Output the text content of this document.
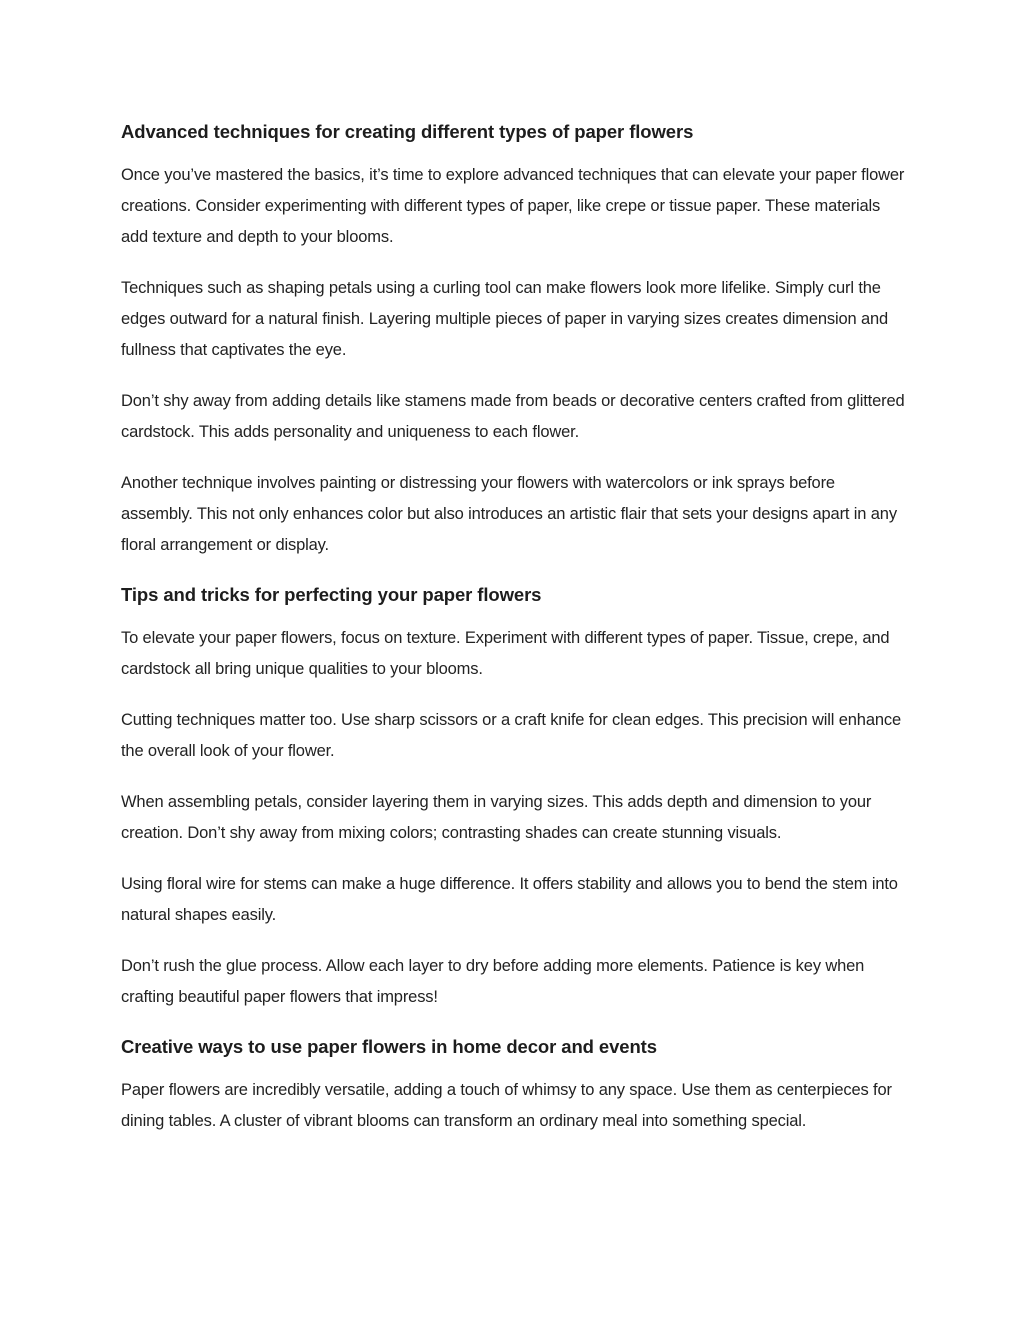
Advanced techniques for creating different types of paper flowers

Once you’ve mastered the basics, it’s time to explore advanced techniques that can elevate your paper flower creations. Consider experimenting with different types of paper, like crepe or tissue paper. These materials add texture and depth to your blooms.

Techniques such as shaping petals using a curling tool can make flowers look more lifelike. Simply curl the edges outward for a natural finish. Layering multiple pieces of paper in varying sizes creates dimension and fullness that captivates the eye.

Don’t shy away from adding details like stamens made from beads or decorative centers crafted from glittered cardstock. This adds personality and uniqueness to each flower.

Another technique involves painting or distressing your flowers with watercolors or ink sprays before assembly. This not only enhances color but also introduces an artistic flair that sets your designs apart in any floral arrangement or display.

Tips and tricks for perfecting your paper flowers

To elevate your paper flowers, focus on texture. Experiment with different types of paper. Tissue, crepe, and cardstock all bring unique qualities to your blooms.

Cutting techniques matter too. Use sharp scissors or a craft knife for clean edges. This precision will enhance the overall look of your flower.

When assembling petals, consider layering them in varying sizes. This adds depth and dimension to your creation. Don’t shy away from mixing colors; contrasting shades can create stunning visuals.

Using floral wire for stems can make a huge difference. It offers stability and allows you to bend the stem into natural shapes easily.

Don’t rush the glue process. Allow each layer to dry before adding more elements. Patience is key when crafting beautiful paper flowers that impress!

Creative ways to use paper flowers in home decor and events

Paper flowers are incredibly versatile, adding a touch of whimsy to any space. Use them as centerpieces for dining tables. A cluster of vibrant blooms can transform an ordinary meal into something special.
